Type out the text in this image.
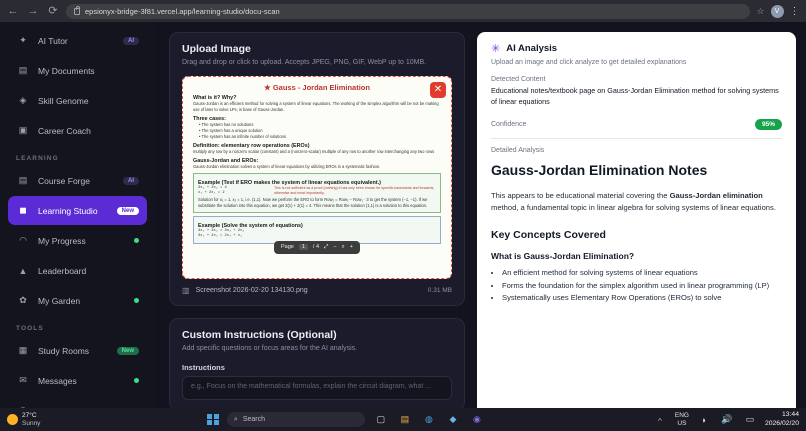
← → ⟳	epsionyx-bridge-3f81.vercel.app/learning-studio/docu-scan	☆	V	⋮
✦	AI Tutor	AI
▤	My Documents
◈	Skill Genome
▣	Career Coach
LEARNING
▤	Course Forge	AI
◼	Learning Studio	New
◠	My Progress
▲ Leaderboard
✿	My Garden
TOOLS
▦	Study Rooms	New
✉	Messages
Upload Image
Drag and drop or click to upload. Accepts JPEG, PNG, GIF, WebP up to 10MB.
✕
★ Gauss - Jordan Elimination
What is it? Why?
Gauss-Jordan is an efficient method for solving a system of linear equations. The working of the simplex algorithm will be not be making use of later to solve LPs, is base of Gauss-Jordan.
Three cases:
• The system has no solutions
• The system has a unique solution
• The system has an infinite number of solutions
Definition: elementary row operations (EROs)
multiply any row by a nonzero scalar (constant) and a (nonzero-scalar) multiple of any row to another row interchanging any two rows
Gauss-Jordan and EROs:
Gauss-Jordan elimination solves a system of linear equations by utilizing EROs in a systematic fashion.
Example (Test if ERO makes the system of linear equations equivalent.)
3x₁ + 2x₂ = 4
x₁ + 2x₂ = 2
This is not sufficient as a proof (nothing) it has only been shown for specific backwards and forwards, otherwise and most importantly.
Solution for x₁ = 1, x₂ = 1, i.e. (1,1). Now we perform the ERO to form Row₂ = Row₂ − Row₁ · 3 to get the system (−1, −1). If we substitute the solution into this equation, we get 3(1) + 2(1) = 4. This means that the solution (1,1) is a solution to this equation.
Example (Solve the system of equations)
4x₁ + 3x₂ = 3x₃ + 2x₄
3x₁ + 2x₂ = 2x₃ + x₄
Page	1	/ 4 ⤢ − ⌕ +
▥ Screenshot 2026-02-20 134130.png	0.31 MB
Custom Instructions (Optional)
Add specific questions or focus areas for the AI analysis.
Instructions
e.g., Focus on the mathematical formulas, explain the circuit diagram, what ...
✳ AI Analysis
Upload an image and click analyze to get detailed explanations
Detected Content
Educational notes/textbook page on Gauss-Jordan Elimination method for solving systems of linear equations
Confidence	95%
Detailed Analysis
Gauss-Jordan Elimination Notes
This appears to be educational material covering the Gauss-Jordan elimination method, a fundamental topic in linear algebra for solving systems of linear equations.
Key Concepts Covered
What is Gauss-Jordan Elimination?
• An efficient method for solving systems of linear equations
• Forms the foundation for the simplex algorithm used in linear programming (LP)
• Systematically uses Elementary Row Operations (EROs) to solve
27°C
Sunny
⌕ Search	▢	▤	◍	◆	◉	＾	ENG
US	◗	🔊	▭	13:44
2026/02/20
